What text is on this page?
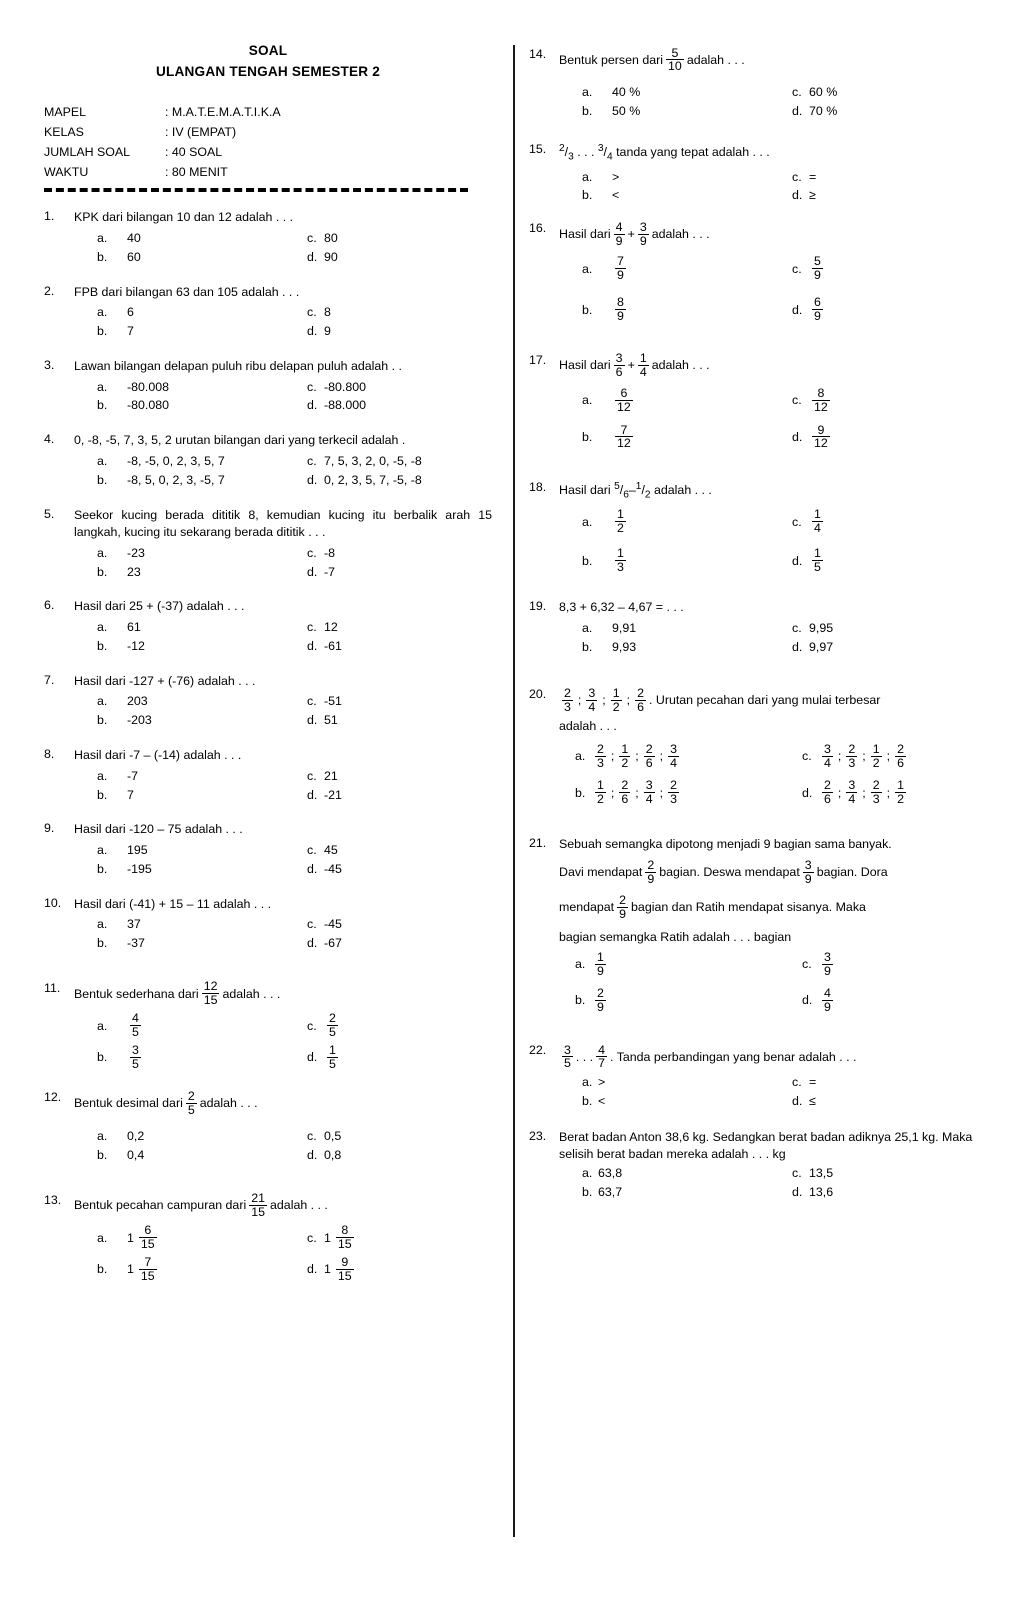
SOAL
ULANGAN TENGAH SEMESTER 2
MAPEL	: M.A.T.E.M.A.T.I.K.A
KELAS	: IV (EMPAT)
JUMLAH SOAL	: 40 SOAL
WAKTU	: 80 MENIT
1.	KPK dari bilangan 10 dan 12 adalah . . .
a.	40	c. 80
b.	60	d. 90
2.	FPB dari bilangan 63 dan 105 adalah . . .
a.	6	c. 8
b.	7	d. 9
3.	Lawan bilangan delapan puluh ribu delapan puluh adalah . .
a.	-80.008	c. -80.800
b.	-80.080	d. -88.000
4.	0, -8, -5, 7, 3, 5, 2 urutan bilangan dari yang terkecil adalah .
a.	-8, -5, 0, 2, 3, 5, 7	c. 7, 5, 3, 2, 0, -5, -8
b.	-8, 5, 0, 2, 3, -5, 7	d. 0, 2, 3, 5, 7, -5, -8
5.	Seekor kucing berada dititik 8, kemudian kucing itu berbalik arah 15 langkah, kucing itu sekarang berada dititik . . .
a.	-23	c. -8
b.	23	d. -7
6.	Hasil dari 25 + (-37) adalah . . .
a.	61	c. 12
b.	-12	d. -61
7.	Hasil dari -127 + (-76) adalah . . .
a.	203	c. -51
b.	-203	d. 51
8.	Hasil dari -7 – (-14) adalah . . .
a.	-7	c. 21
b.	7	d. -21
9.	Hasil dari -120 – 75 adalah . . .
a.	195	c. 45
b.	-195	d. -45
10.	Hasil dari (-41) + 15 – 11 adalah . . .
a.	37	c. -45
b.	-37	d. -67
11.	Bentuk sederhana dari $\frac{12}{15}$ adalah . . .
a.	$\frac{4}{5}$	c. $\frac{2}{5}$
b.	$\frac{3}{5}$	d. $\frac{1}{5}$
12.	Bentuk desimal dari $\frac{2}{5}$ adalah . . .
a.	0,2	c. 0,5
b.	0,4	d. 0,8
13.	Bentuk pecahan campuran dari $\frac{21}{15}$ adalah . . .
a.	$1 \frac{6}{15}$	c. $1 \frac{8}{15}$
b.	$1 \frac{7}{15}$	d. $1 \frac{9}{15}$
14.	Bentuk persen dari $\frac{5}{10}$ adalah . . .
a.	40 %	c. 60 %
b.	50 %	d. 70 %
15.	$^2/_3$ . . . $^3/_4$ tanda yang tepat adalah . . .
a.	>	c. =
b.	<	d. ≥
16.	Hasil dari $\frac{4}{9} + \frac{3}{9}$ adalah . . .
a.	$\frac{7}{9}$	c. $\frac{5}{9}$
b.	$\frac{8}{9}$	d. $\frac{6}{9}$
17.	Hasil dari $\frac{3}{6} + \frac{1}{4}$ adalah . . .
a.	$\frac{6}{12}$	c. $\frac{8}{12}$
b.	$\frac{7}{12}$	d. $\frac{9}{12}$
18.	Hasil dari $^5/_6-^1/_2$ adalah . . .
a.	$\frac{1}{2}$	c. $\frac{1}{4}$
b.	$\frac{1}{3}$	d. $\frac{1}{5}$
19.	8,3 + 6,32 – 4,67 = . . .
a.	9,91	c. 9,95
b.	9,93	d. 9,97
20.	$\frac{2}{3}$ ; $\frac{3}{4}$ ; $\frac{1}{2}$ ; $\frac{2}{6}$ . Urutan pecahan dari yang mulai terbesar
adalah . . .
a. $\frac{2}{3}$ ; $\frac{1}{2}$ ; $\frac{2}{6}$ ; $\frac{3}{4}$	c. $\frac{3}{4}$ ; $\frac{2}{3}$ ; $\frac{1}{2}$ ; $\frac{2}{6}$
b. $\frac{1}{2}$ ; $\frac{2}{6}$ ; $\frac{3}{4}$ ; $\frac{2}{3}$	d. $\frac{2}{6}$ ; $\frac{3}{4}$ ; $\frac{2}{3}$ ; $\frac{1}{2}$
21.	Sebuah semangka dipotong menjadi 9 bagian sama banyak.
Davi mendapat $\frac{2}{9}$ bagian. Deswa mendapat $\frac{3}{9}$ bagian. Dora

mendapat $\frac{2}{9}$ bagian dan Ratih mendapat sisanya. Maka
bagian semangka Ratih adalah . . . bagian
a. $\frac{1}{9}$	c. $\frac{3}{9}$
b. $\frac{2}{9}$	d. $\frac{4}{9}$
22.	$\frac{3}{5}$ . . . $\frac{4}{7}$ . Tanda perbandingan yang benar adalah . . .
a. >	c. =
b. <	d. ≤
23.	Berat badan Anton 38,6 kg. Sedangkan berat badan adiknya 25,1 kg. Maka selisih berat badan mereka adalah . . . kg
a. 63,8	c. 13,5
b. 63,7	d. 13,6
